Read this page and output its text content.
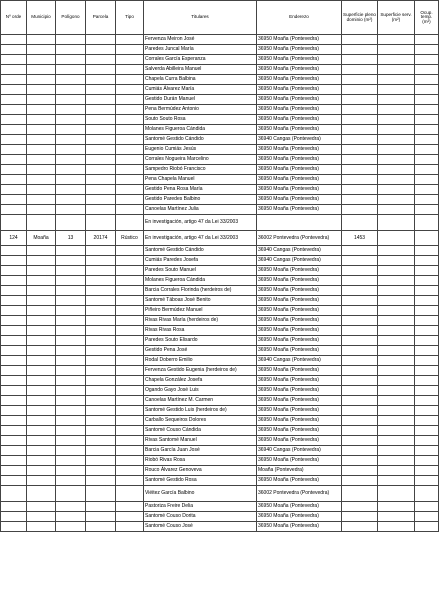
Nº orde	Municipio	Polígono	Parcela	Tipo	Titulares	Enderezo	Superficie pleno dominio (m²)	Superficie serv. (m²)	Ocup. temp. (m²)
					Fervenza Meiron José	36950 Moaña (Pontevedra)			
					Paredes Juncal María	36950 Moaña (Pontevedra)			
					Corrales García Esperanza	36950 Moaña (Pontevedra)			
					Salverda Abilleira Manuel	36950 Moaña (Pontevedra)			
					Chapela Curra Balbina	36950 Moaña (Pontevedra)			
					Cumiás Álvarez María	36950 Moaña (Pontevedra)			
					Gestido Durán Manuel	36950 Moaña (Pontevedra)			
					Pena Bermúdez Antonio	36950 Moaña (Pontevedra)			
					Souto Souto Rosa	36950 Moaña (Pontevedra)			
					Molanes Figueroa Cándida	36950 Moaña (Pontevedra)			
					Santomé Gestido Cándido	36940 Cangas (Pontevedra)			
					Eugenio Cumiás Jesús	36950 Moaña (Pontevedra)			
					Corrales Nogueira Marcelino	36950 Moaña (Pontevedra)			
					Sampedro Riobó Francisco	36950 Moaña (Pontevedra)			
					Pena Chapela Manuel	36950 Moaña (Pontevedra)			
					Gestido Pena Rosa María	36950 Moaña (Pontevedra)			
					Gestido Paredes Balbino	36950 Moaña (Pontevedra)			
					Canoelas Martínez Julia	36950 Moaña (Pontevedra)			
					En investigación, artigo 47 da Lei 33/2003				
124	Moaña	13	20174	Rústico	En investigación, artigo 47 da Lei 33/2003	36002 Pontevedra (Pontevedra)	1453		
					Santomé Gestido Cándido	36940 Cangas (Pontevedra)			
					Cumiás Paredes Josefa	36940 Cangas (Pontevedra)			
					Paredes Souto Manuel	36950 Moaña (Pontevedra)			
					Molanes Figueroa Cándida	36950 Moaña (Pontevedra)			
					Barcia Corrales Florinda (herdeiros de)	36950 Moaña (Pontevedra)			
					Santomé Táboas José Benito	36950 Moaña (Pontevedra)			
					Piñeiro Bermúdez Manuel	36950 Moaña (Pontevedra)			
					Rivas Rivas María (herdeiros de)	36950 Moaña (Pontevedra)			
					Rivas Rivas Rosa	36950 Moaña (Pontevedra)			
					Paredes Souto Elisardo	36950 Moaña (Pontevedra)			
					Gestido Pena José	36950 Moaña (Pontevedra)			
					Rodal Doberro Emilio	36940 Cangas (Pontevedra)			
					Fervenza Gestido Eugenia (herdeiros de)	36950 Moaña (Pontevedra)			
					Chapela González Josefa	36950 Moaña (Pontevedra)			
					Ogando Gayo José Luis	36950 Moaña (Pontevedra)			
					Canoelas Martínez M. Carmen	36950 Moaña (Pontevedra)			
					Santomé Gestido Luis (herdeiros de)	36950 Moaña (Pontevedra)			
					Carballo Sequeiros Dolores	36950 Moaña (Pontevedra)			
					Santomé Couso Cándida	36950 Moaña (Pontevedra)			
					Rivas Santomé Manuel	36950 Moaña (Pontevedra)			
					Barcia García Juan José	36940 Cangas (Pontevedra)			
					Riobó Rivas Rosa	36950 Moaña (Pontevedra)			
					Rouco Álvarez Genoveva	Moaña (Pontevedra)			
					Santomé Gestido Rosa	36950 Moaña (Pontevedra)			
					Viéitez García Balbino	36002 Pontevedra (Pontevedra)			
					Pastoriza Freire Delia	36950 Moaña (Pontevedra)			
					Santomé Couso Dorita	36950 Moaña (Pontevedra)			
					Santomé Couso José	36950 Moaña (Pontevedra)			
